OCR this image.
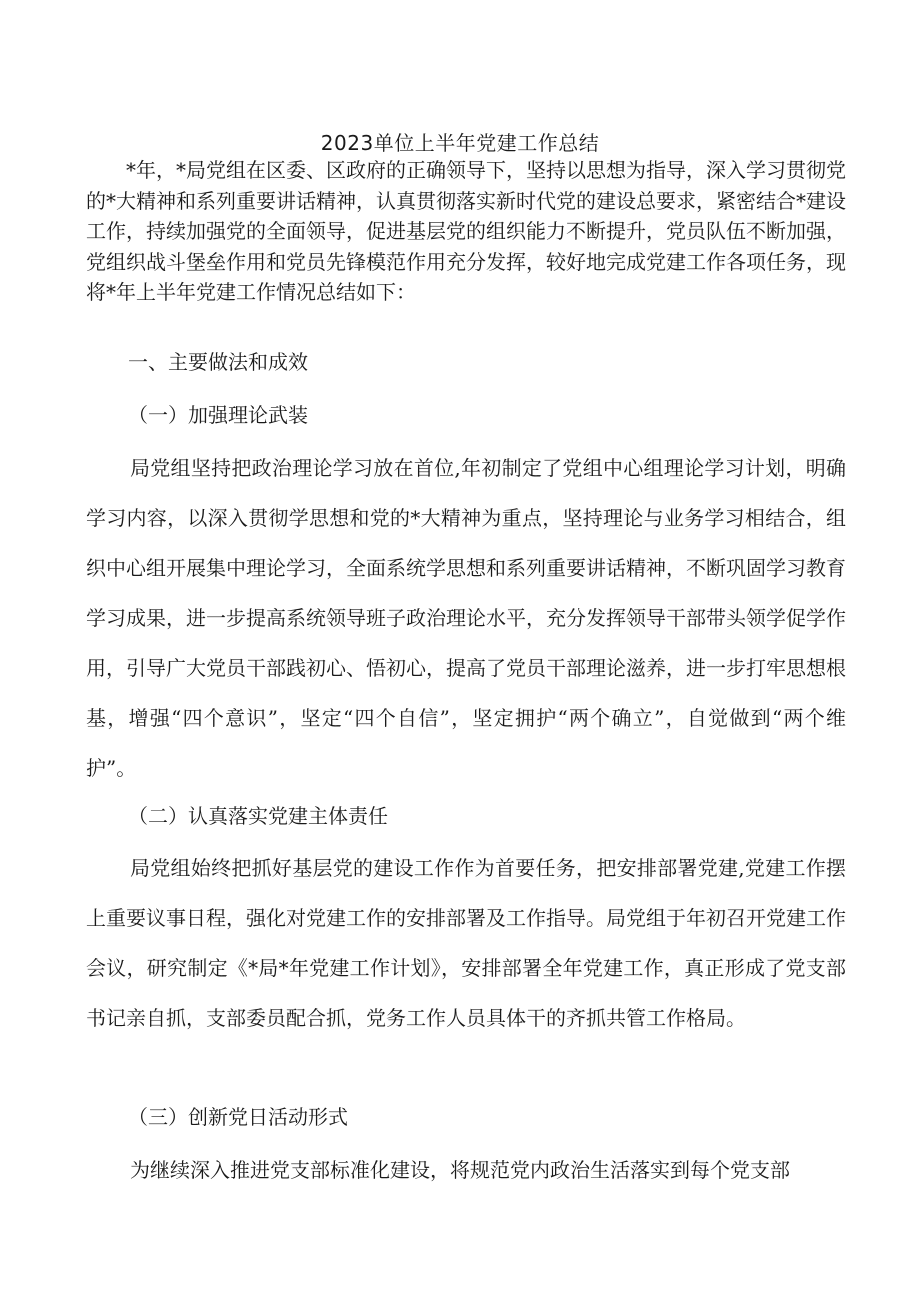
2023单位上半年党建工作总结

*年，*局党组在区委、区政府的正确领导下，坚持以思想为指导，深入学习贯彻党的*大精神和系列重要讲话精神，认真贯彻落实新时代党的建设总要求，紧密结合*建设工作，持续加强党的全面领导，促进基层党的组织能力不断提升，党员队伍不断加强，党组织战斗堡垒作用和党员先锋模范作用充分发挥，较好地完成党建工作各项任务，现将*年上半年党建工作情况总结如下：

一、主要做法和成效

（一）加强理论武装

局党组坚持把政治理论学习放在首位,年初制定了党组中心组理论学习计划，明确学习内容，以深入贯彻学思想和党的*大精神为重点，坚持理论与业务学习相结合，组织中心组开展集中理论学习，全面系统学思想和系列重要讲话精神，不断巩固学习教育学习成果，进一步提高系统领导班子政治理论水平，充分发挥领导干部带头领学促学作用，引导广大党员干部践初心、悟初心，提高了党员干部理论滋养，进一步打牢思想根基，增强“四个意识”，坚定“四个自信”，坚定拥护“两个确立”，自觉做到“两个维护”。

（二）认真落实党建主体责任

局党组始终把抓好基层党的建设工作作为首要任务，把安排部署党建,党建工作摆上重要议事日程，强化对党建工作的安排部署及工作指导。局党组于年初召开党建工作会议，研究制定《*局*年党建工作计划》，安排部署全年党建工作，真正形成了党支部书记亲自抓，支部委员配合抓，党务工作人员具体干的齐抓共管工作格局。

（三）创新党日活动形式

为继续深入推进党支部标准化建设，将规范党内政治生活落实到每个党支部
